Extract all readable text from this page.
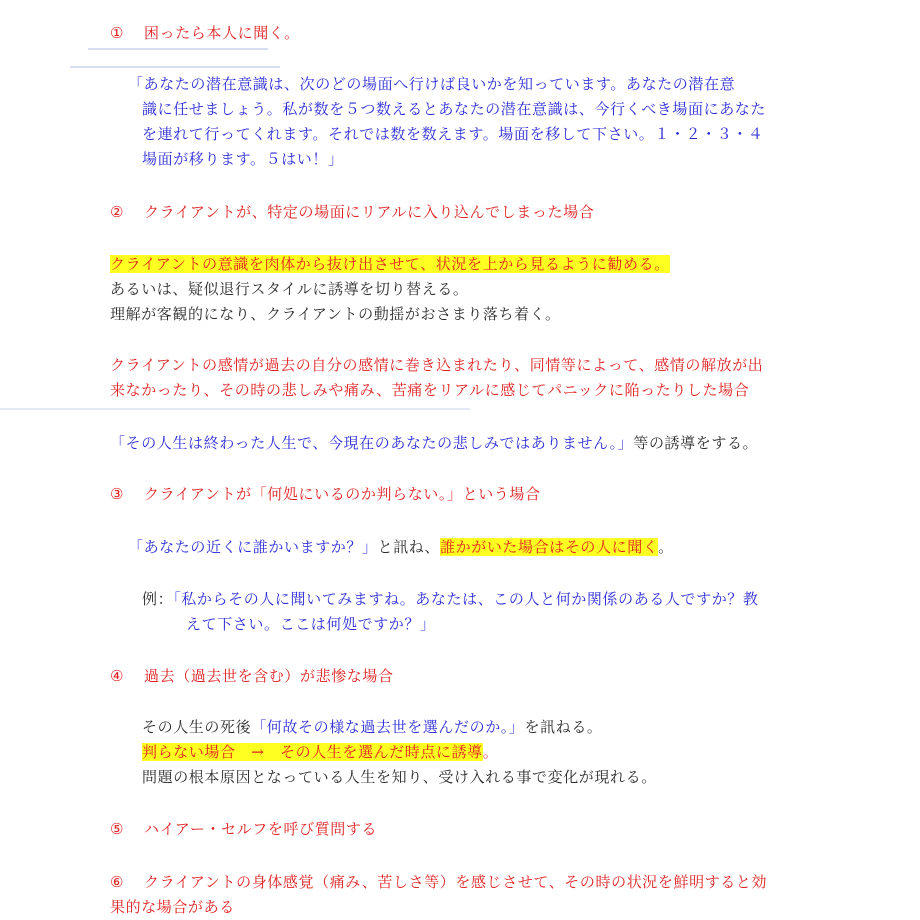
① 困ったら本人に聞く。
「あなたの潜在意識は、次のどの場面へ行けば良いかを知っています。あなたの潜在意
識に任せましょう。私が数を５つ数えるとあなたの潜在意識は、今行くべき場面にあなた
を連れて行ってくれます。それでは数を数えます。場面を移して下さい。１・２・３・４
場面が移ります。５はい！」
② クライアントが、特定の場面にリアルに入り込んでしまった場合
クライアントの意識を肉体から抜け出させて、状況を上から見るように勧める。
あるいは、疑似退行スタイルに誘導を切り替える。
理解が客観的になり、クライアントの動揺がおさまり落ち着く。
クライアントの感情が過去の自分の感情に巻き込まれたり、同情等によって、感情の解放が出
来なかったり、その時の悲しみや痛み、苦痛をリアルに感じてパニックに陥ったりした場合
「その人生は終わった人生で、今現在のあなたの悲しみではありません。」等の誘導をする。
③ クライアントが「何処にいるのか判らない。」という場合
「あなたの近くに誰かいますか？」と訊ね、誰かがいた場合はその人に聞く。
例：「私からその人に聞いてみますね。あなたは、この人と何か関係のある人ですか？教
えて下さい。ここは何処ですか？」
④ 過去（過去世を含む）が悲惨な場合
その人生の死後「何故その様な過去世を選んだのか。」を訊ねる。
判らない場合　→　その人生を選んだ時点に誘導。
問題の根本原因となっている人生を知り、受け入れる事で変化が現れる。
⑤ ハイアー・セルフを呼び質問する
⑥ クライアントの身体感覚（痛み、苦しさ等）を感じさせて、その時の状況を鮮明すると効
果的な場合がある
